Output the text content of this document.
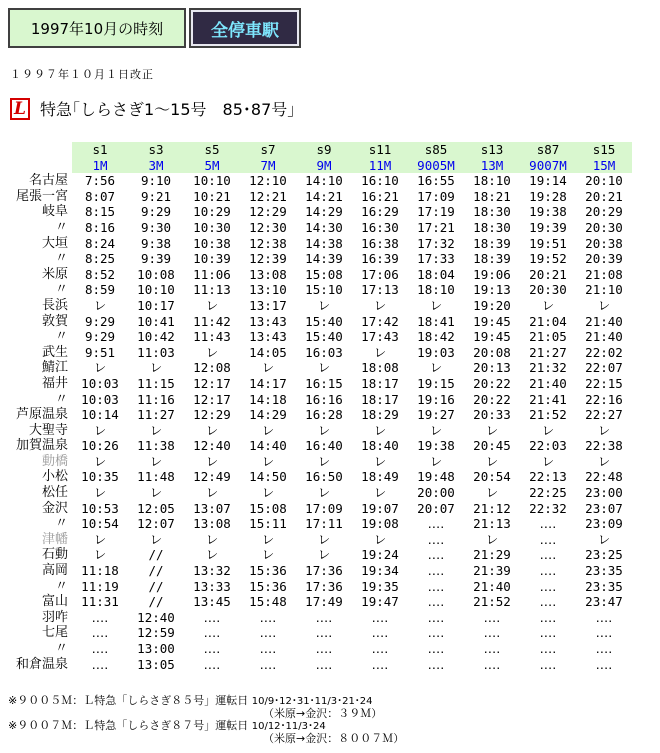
1997年10月の時刻	全停車駅
１９９７年１０月１日改正
L 特急｢しらさぎ1～15号　85･87号｣
	s1	s3	s5	s7	s9	s11	s85	s13	s87	s15
	1M	3M	5M	7M	9M	11M	9005M	13M	9007M	15M
名古屋	7:56	9:10	10:10	12:10	14:10	16:10	16:55	18:10	19:14	20:10
尾張一宮	8:07	9:21	10:21	12:21	14:21	16:21	17:09	18:21	19:28	20:21
岐阜	8:15	9:29	10:29	12:29	14:29	16:29	17:19	18:30	19:38	20:29
〃	8:16	9:30	10:30	12:30	14:30	16:30	17:21	18:30	19:39	20:30
大垣	8:24	9:38	10:38	12:38	14:38	16:38	17:32	18:39	19:51	20:38
〃	8:25	9:39	10:39	12:39	14:39	16:39	17:33	18:39	19:52	20:39
米原	8:52	10:08	11:06	13:08	15:08	17:06	18:04	19:06	20:21	21:08
〃	8:59	10:10	11:13	13:10	15:10	17:13	18:10	19:13	20:30	21:10
長浜	レ	10:17	レ	13:17	レ	レ	レ	19:20	レ	レ
敦賀	9:29	10:41	11:42	13:43	15:40	17:42	18:41	19:45	21:04	21:40
〃	9:29	10:42	11:43	13:43	15:40	17:43	18:42	19:45	21:05	21:40
武生	9:51	11:03	レ	14:05	16:03	レ	19:03	20:08	21:27	22:02
鯖江	レ	レ	12:08	レ	レ	18:08	レ	20:13	21:32	22:07
福井	10:03	11:15	12:17	14:17	16:15	18:17	19:15	20:22	21:40	22:15
〃	10:03	11:16	12:17	14:18	16:16	18:17	19:16	20:22	21:41	22:16
芦原温泉	10:14	11:27	12:29	14:29	16:28	18:29	19:27	20:33	21:52	22:27
大聖寺	レ	レ	レ	レ	レ	レ	レ	レ	レ	レ
加賀温泉	10:26	11:38	12:40	14:40	16:40	18:40	19:38	20:45	22:03	22:38
動橋	レ	レ	レ	レ	レ	レ	レ	レ	レ	レ
小松	10:35	11:48	12:49	14:50	16:50	18:49	19:48	20:54	22:13	22:48
松任	レ	レ	レ	レ	レ	レ	20:00	レ	22:25	23:00
金沢	10:53	12:05	13:07	15:08	17:09	19:07	20:07	21:12	22:32	23:07
〃	10:54	12:07	13:08	15:11	17:11	19:08	‥‥	21:13	‥‥	23:09
津幡	レ	レ	レ	レ	レ	レ	‥‥	レ	‥‥	レ
石動	レ	//	レ	レ	レ	19:24	‥‥	21:29	‥‥	23:25
高岡	11:18	//	13:32	15:36	17:36	19:34	‥‥	21:39	‥‥	23:35
〃	11:19	//	13:33	15:36	17:36	19:35	‥‥	21:40	‥‥	23:35
富山	11:31	//	13:45	15:48	17:49	19:47	‥‥	21:52	‥‥	23:47
羽咋	‥‥	12:40	‥‥	‥‥	‥‥	‥‥	‥‥	‥‥	‥‥	‥‥
七尾	‥‥	12:59	‥‥	‥‥	‥‥	‥‥	‥‥	‥‥	‥‥	‥‥
〃	‥‥	13:00	‥‥	‥‥	‥‥	‥‥	‥‥	‥‥	‥‥	‥‥
和倉温泉	‥‥	13:05	‥‥	‥‥	‥‥	‥‥	‥‥	‥‥	‥‥	‥‥
※９００５Ｍ：Ｌ特急「しらさぎ８５号」運転日 10/9･12･31･11/3･21･24
（米原→金沢：３９Ｍ）
※９００７Ｍ：Ｌ特急「しらさぎ８７号」運転日 10/12･11/3･24
（米原→金沢：８００７Ｍ）
